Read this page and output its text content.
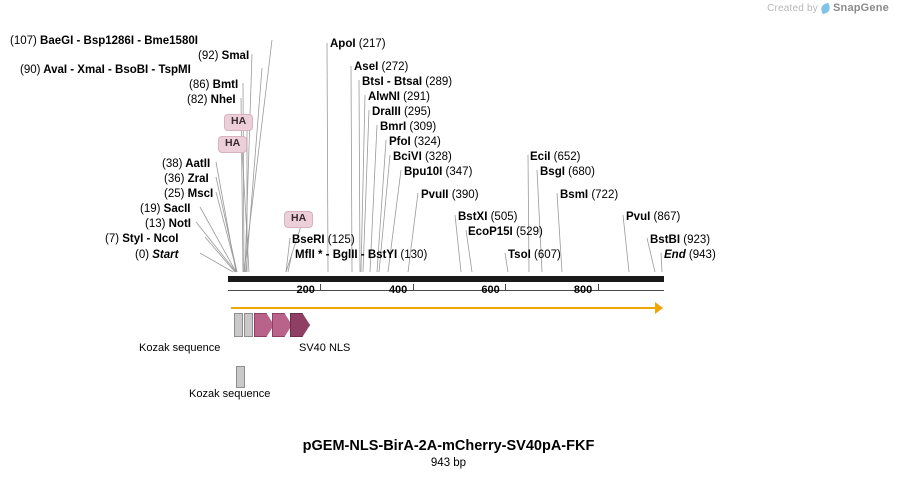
Created by SnapGene
(107) BaeGI - Bsp1286I - Bme1580I
(92) SmaI
(90) AvaI - XmaI - BsoBI - TspMI
(86) BmtI
(82) NheI
(38) AatII
(36) ZraI
(25) MscI
(19) SacII
(13) NotI
(7) StyI - NcoI
(0) Start
ApoI (217)
AseI (272)
BtsI - BtsaI (289)
AlwNI (291)
DraIII (295)
BmrI (309)
PfoI (324)
BciVI (328)
Bpu10I (347)
PvuII (390)
BstXI (505)
EcoP15I (529)
BseRI (125)
MflI * - BglII - BstYI (130)	TsoI (607)
EciI (652)
BsgI (680)
BsmI (722)
PvuI (867)
BstBI (923)
End (943)
HA
HA
HA
200	400	600	800
Kozak sequence	SV40 NLS
Kozak sequence
pGEM-NLS-BirA-2A-mCherry-SV40pA-FKF
943 bp
